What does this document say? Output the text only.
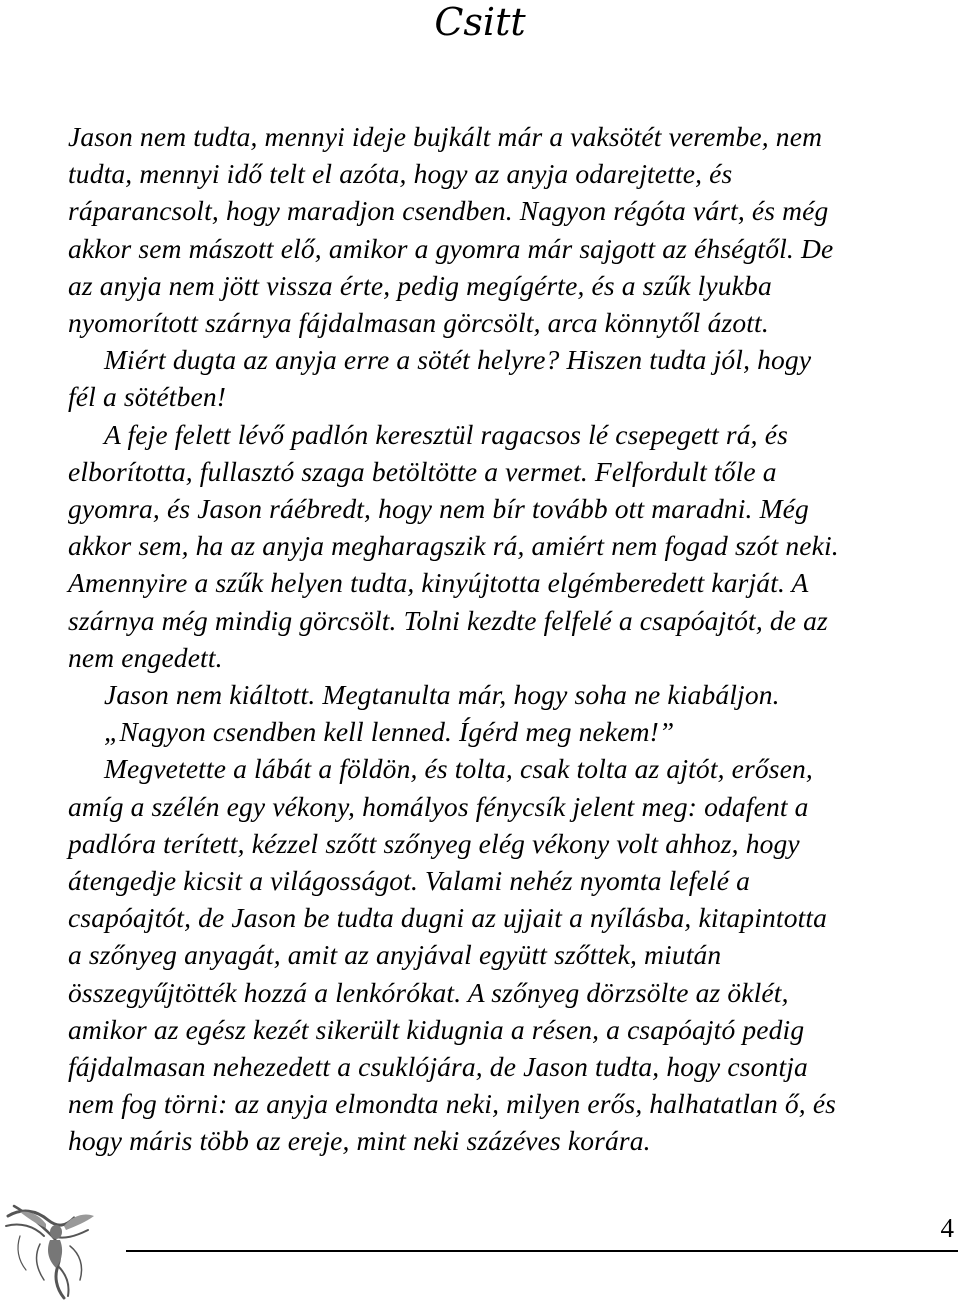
Csitt
Jason nem tudta, mennyi ideje bujkált már a vaksötét verembe, nem
tudta, mennyi idő telt el azóta, hogy az anyja odarejtette, és
ráparancsolt, hogy maradjon csendben. Nagyon régóta várt, és még
akkor sem mászott elő, amikor a gyomra már sajgott az éhségtől. De
az anyja nem jött vissza érte, pedig megígérte, és a szűk lyukba
nyomorított szárnya fájdalmasan görcsölt, arca könnytől ázott.
Miért dugta az anyja erre a sötét helyre? Hiszen tudta jól, hogy
fél a sötétben!
A feje felett lévő padlón keresztül ragacsos lé csepegett rá, és
elborította, fullasztó szaga betöltötte a vermet. Felfordult tőle a
gyomra, és Jason ráébredt, hogy nem bír tovább ott maradni. Még
akkor sem, ha az anyja megharagszik rá, amiért nem fogad szót neki.
Amennyire a szűk helyen tudta, kinyújtotta elgémberedett karját. A
szárnya még mindig görcsölt. Tolni kezdte felfelé a csapóajtót, de az
nem engedett.
Jason nem kiáltott. Megtanulta már, hogy soha ne kiabáljon.
„Nagyon csendben kell lenned. Ígérd meg nekem!”
Megvetette a lábát a földön, és tolta, csak tolta az ajtót, erősen,
amíg a szélén egy vékony, homályos fénycsík jelent meg: odafent a
padlóra terített, kézzel szőtt szőnyeg elég vékony volt ahhoz, hogy
átengedje kicsit a világosságot. Valami nehéz nyomta lefelé a
csapóajtót, de Jason be tudta dugni az ujjait a nyílásba, kitapintotta
a szőnyeg anyagát, amit az anyjával együtt szőttek, miután
összegyűjtötték hozzá a lenkórókat. A szőnyeg dörzsölte az öklét,
amikor az egész kezét sikerült kidugnia a résen, a csapóajtó pedig
fájdalmasan nehezedett a csuklójára, de Jason tudta, hogy csontja
nem fog törni: az anyja elmondta neki, milyen erős, halhatatlan ő, és
hogy máris több az ereje, mint neki százéves korára.
4
